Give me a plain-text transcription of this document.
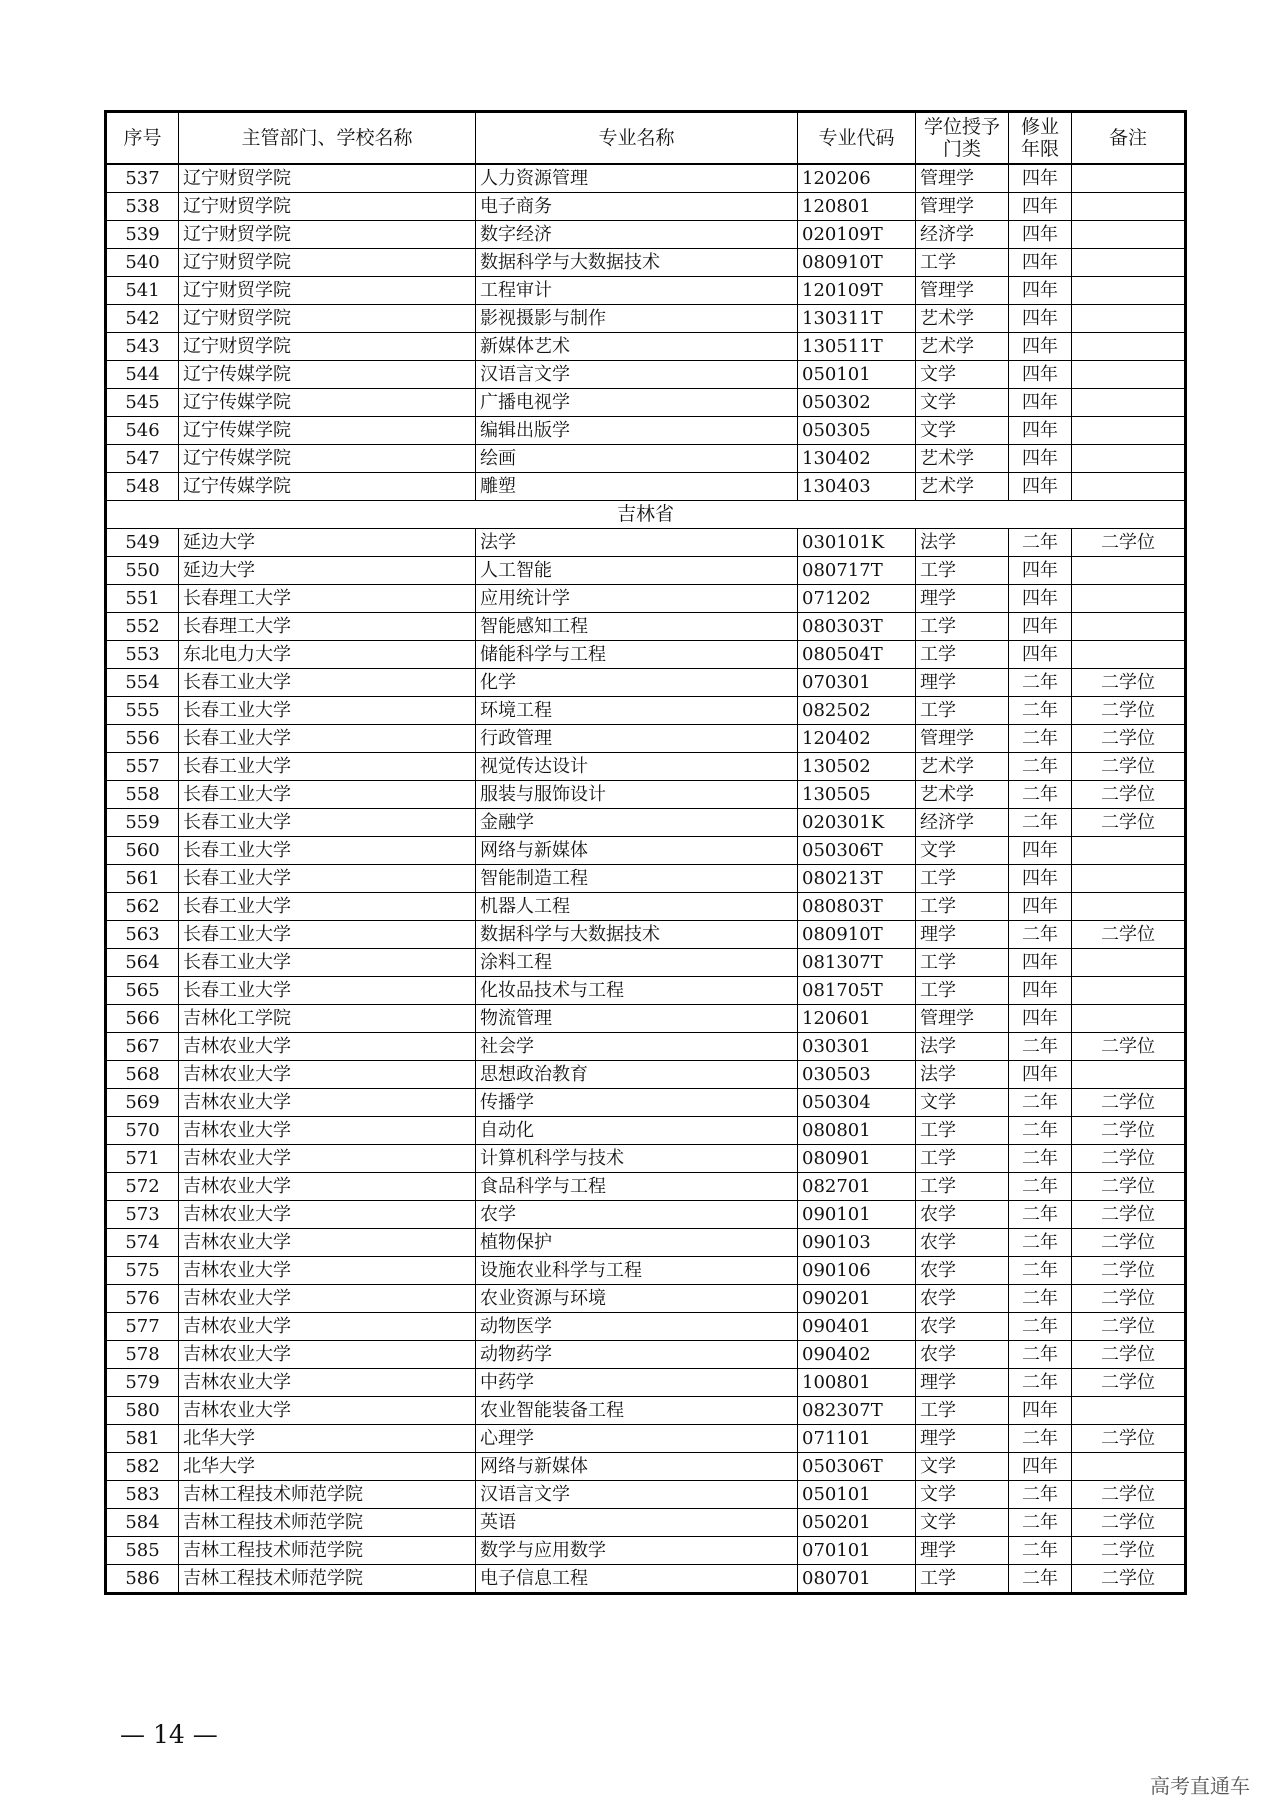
序号	主管部门、学校名称	专业名称	专业代码	学位授予门类	修业年限	备注
537	辽宁财贸学院	人力资源管理	120206	管理学	四年	
538	辽宁财贸学院	电子商务	120801	管理学	四年	
539	辽宁财贸学院	数字经济	020109T	经济学	四年	
540	辽宁财贸学院	数据科学与大数据技术	080910T	工学	四年	
541	辽宁财贸学院	工程审计	120109T	管理学	四年	
542	辽宁财贸学院	影视摄影与制作	130311T	艺术学	四年	
543	辽宁财贸学院	新媒体艺术	130511T	艺术学	四年	
544	辽宁传媒学院	汉语言文学	050101	文学	四年	
545	辽宁传媒学院	广播电视学	050302	文学	四年	
546	辽宁传媒学院	编辑出版学	050305	文学	四年	
547	辽宁传媒学院	绘画	130402	艺术学	四年	
548	辽宁传媒学院	雕塑	130403	艺术学	四年	
吉林省						
549	延边大学	法学	030101K	法学	二年	二学位
550	延边大学	人工智能	080717T	工学	四年	
551	长春理工大学	应用统计学	071202	理学	四年	
552	长春理工大学	智能感知工程	080303T	工学	四年	
553	东北电力大学	储能科学与工程	080504T	工学	四年	
554	长春工业大学	化学	070301	理学	二年	二学位
555	长春工业大学	环境工程	082502	工学	二年	二学位
556	长春工业大学	行政管理	120402	管理学	二年	二学位
557	长春工业大学	视觉传达设计	130502	艺术学	二年	二学位
558	长春工业大学	服装与服饰设计	130505	艺术学	二年	二学位
559	长春工业大学	金融学	020301K	经济学	二年	二学位
560	长春工业大学	网络与新媒体	050306T	文学	四年	
561	长春工业大学	智能制造工程	080213T	工学	四年	
562	长春工业大学	机器人工程	080803T	工学	四年	
563	长春工业大学	数据科学与大数据技术	080910T	理学	二年	二学位
564	长春工业大学	涂料工程	081307T	工学	四年	
565	长春工业大学	化妆品技术与工程	081705T	工学	四年	
566	吉林化工学院	物流管理	120601	管理学	四年	
567	吉林农业大学	社会学	030301	法学	二年	二学位
568	吉林农业大学	思想政治教育	030503	法学	四年	
569	吉林农业大学	传播学	050304	文学	二年	二学位
570	吉林农业大学	自动化	080801	工学	二年	二学位
571	吉林农业大学	计算机科学与技术	080901	工学	二年	二学位
572	吉林农业大学	食品科学与工程	082701	工学	二年	二学位
573	吉林农业大学	农学	090101	农学	二年	二学位
574	吉林农业大学	植物保护	090103	农学	二年	二学位
575	吉林农业大学	设施农业科学与工程	090106	农学	二年	二学位
576	吉林农业大学	农业资源与环境	090201	农学	二年	二学位
577	吉林农业大学	动物医学	090401	农学	二年	二学位
578	吉林农业大学	动物药学	090402	农学	二年	二学位
579	吉林农业大学	中药学	100801	理学	二年	二学位
580	吉林农业大学	农业智能装备工程	082307T	工学	四年	
581	北华大学	心理学	071101	理学	二年	二学位
582	北华大学	网络与新媒体	050306T	文学	四年	
583	吉林工程技术师范学院	汉语言文学	050101	文学	二年	二学位
584	吉林工程技术师范学院	英语	050201	文学	二年	二学位
585	吉林工程技术师范学院	数学与应用数学	070101	理学	二年	二学位
586	吉林工程技术师范学院	电子信息工程	080701	工学	二年	二学位
— 14 —
高考直通车
